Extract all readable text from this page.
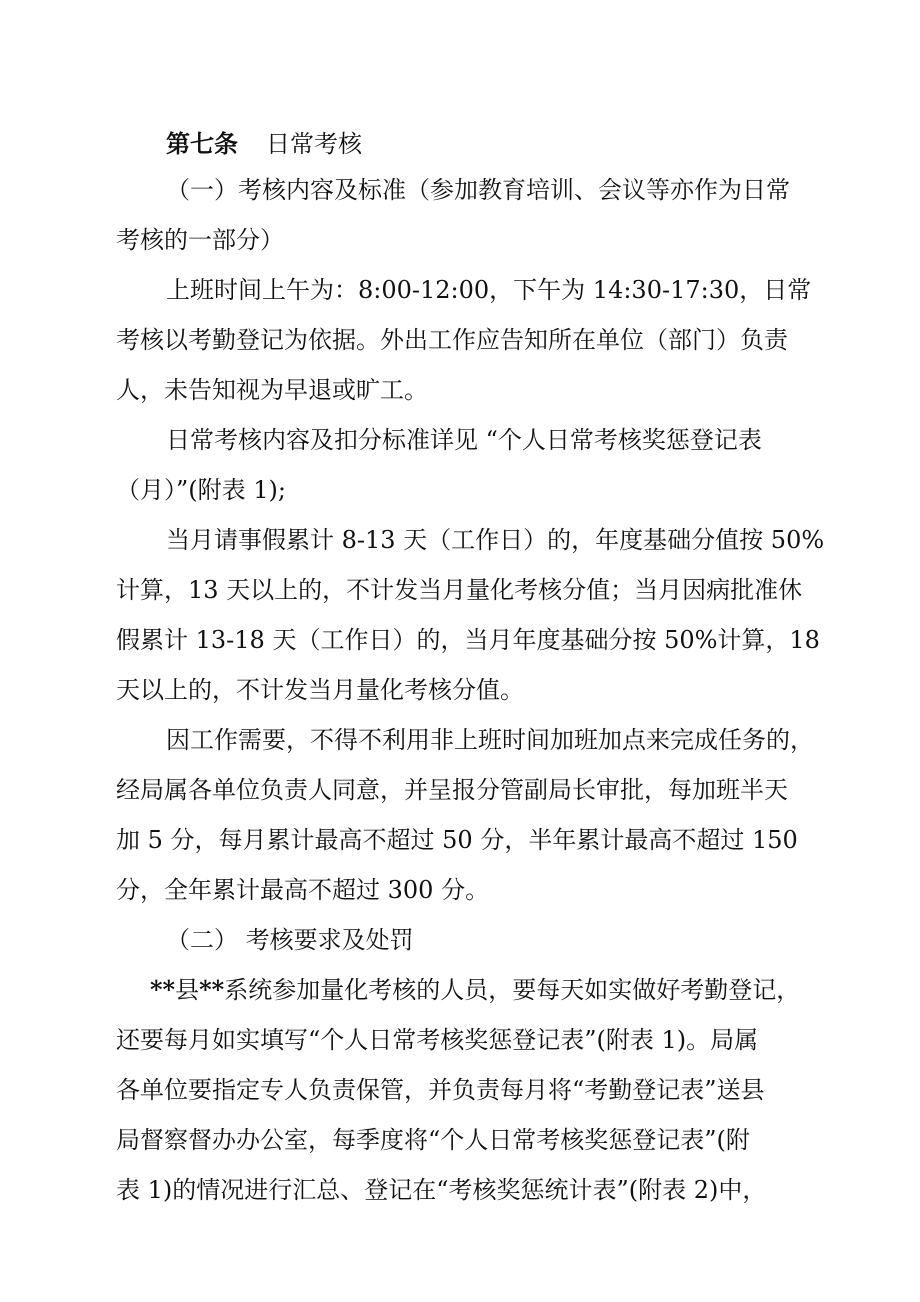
第七条 日常考核
（一）考核内容及标准（参加教育培训、会议等亦作为日常
考核的一部分）
上班时间上午为：8:00-12:00，下午为 14:30-17:30，日常
考核以考勤登记为依据。外出工作应告知所在单位（部门）负责
人，未告知视为早退或旷工。
日常考核内容及扣分标准详见 “个人日常考核奖惩登记表
（月）”(附表 1);
当月请事假累计 8-13 天（工作日）的，年度基础分值按 50%
计算，13 天以上的，不计发当月量化考核分值；当月因病批准休
假累计 13-18 天（工作日）的，当月年度基础分按 50%计算，18
天以上的，不计发当月量化考核分值。
因工作需要，不得不利用非上班时间加班加点来完成任务的，
经局属各单位负责人同意，并呈报分管副局长审批，每加班半天
加 5 分，每月累计最高不超过 50 分，半年累计最高不超过 150
分，全年累计最高不超过 300 分。
（二） 考核要求及处罚
**县**系统参加量化考核的人员，要每天如实做好考勤登记，
还要每月如实填写“个人日常考核奖惩登记表”(附表 1)。局属
各单位要指定专人负责保管，并负责每月将“考勤登记表”送县
局督察督办办公室，每季度将“个人日常考核奖惩登记表”(附
表 1)的情况进行汇总、登记在“考核奖惩统计表”(附表 2)中，
